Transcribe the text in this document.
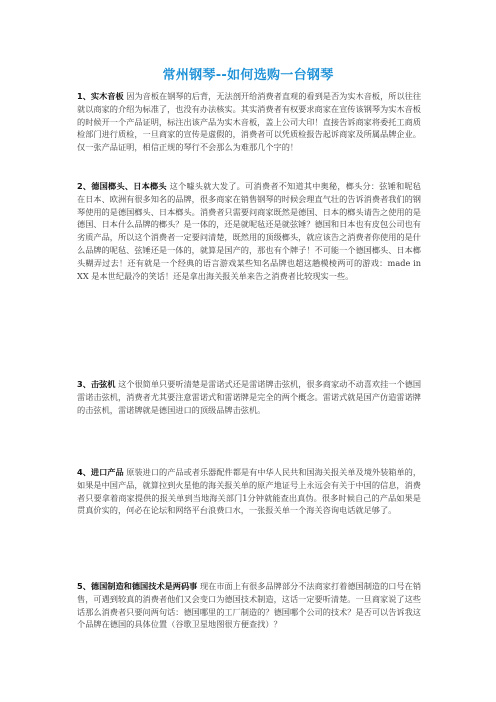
常州钢琴--如何选购一台钢琴
1、实木音板 因为音板在钢琴的后背，无法剖开给消费者直观的看到是否为实木音板，所以往往就以商家的介绍为标准了，也没有办法核实。其实消费者有权要求商家在宣传该钢琴为实木音板的时候开一个产品证明，标注出该产品为实木音板，盖上公司大印！直接告诉商家将委托工商质检部门进行质检，一旦商家的宣传是虚假的，消费者可以凭质检报告起诉商家及所属品牌企业。仅一张产品证明，相信正规的琴行不会那么为难那几个字的！
2、德国榔头、日本榔头 这个噱头就大发了。可消费者不知道其中奥秘，榔头分：弦锤和呢毡 在日本、欧洲有很多知名的品牌，很多商家在销售钢琴的时候会理直气壮的告诉消费者我们的钢琴使用的是德国榔头、日本榔头。消费者只需要问商家既然是德国、日本的榔头请告之使用的是德国、日本什么品牌的榔头？是一体的，还是就呢毡还是就弦锤？德国和日本也有皮包公司也有劣质产品，所以这个消费者一定要问清楚，既然用的顶级榔头，就应该告之消费者你使用的是什么品牌的呢毡、弦锤还是一体的，就算是国产的，那也有个牌子！不可能一个德国榔头、日本榔头糊弄过去！还有就是一个经典的语言游戏某些知名品牌也超这趟模棱两可的游戏：made in XX 是本世纪最冷的笑话！还是拿出海关报关单来告之消费者比较现实一些。
3、击弦机 这个很简单只要听清楚是雷诺式还是雷诺牌击弦机，很多商家动不动喜欢挂一个德国雷诺击弦机，消费者尤其要注意雷诺式和雷诺牌是完全的两个概念。雷诺式就是国产仿造雷诺牌的击弦机，雷诺牌就是德国进口的顶级品牌击弦机。
4、进口产品 原装进口的产品或者乐器配件都是有中华人民共和国海关报关单及境外装箱单的，如果是中国产品，就算拉到火星他的海关报关单的原产地证号上永远会有关于中国的信息，消费者只要拿着商家提供的报关单到当地海关部门1分钟就能查出真伪。很多时候自己的产品如果是贯真价实的，何必在论坛和网络平台浪费口水，一张报关单一个海关咨询电话就足够了。
5、德国制造和德国技术是两码事 现在市面上有很多品牌部分不法商家打着德国制造的口号在销售，可遇到较真的消费者他们又会变口为德国技术制造，这话一定要听清楚。一旦商家说了这些话那么消费者只要问两句话：德国哪里的工厂制造的？德国哪个公司的技术？是否可以告诉我这个品牌在德国的具体位置（谷歌卫星地图很方便查找）？
